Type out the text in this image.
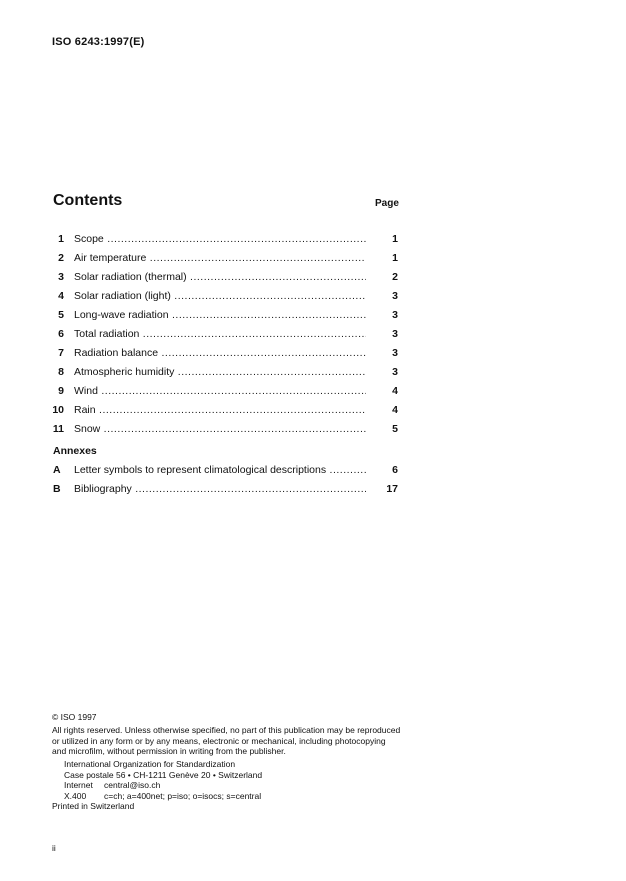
ISO 6243:1997(E)
Contents	Page
1 Scope .....	1
2 Air temperature .....	1
3 Solar radiation (thermal) .....	2
4 Solar radiation (light) .....	3
5 Long-wave radiation .....	3
6 Total radiation .....	3
7 Radiation balance .....	3
8 Atmospheric humidity .....	3
9 Wind .....	4
10 Rain .....	4
11 Snow .....	5
Annexes
A Letter symbols to represent climatological descriptions .....	6
B Bibliography .....	17
© ISO 1997
All rights reserved. Unless otherwise specified, no part of this publication may be reproduced or utilized in any form or by any means, electronic or mechanical, including photocopying and microfilm, without permission in writing from the publisher.
International Organization for Standardization
Case postale 56 • CH-1211 Genève 20 • Switzerland
Internet central@iso.ch
X.400 c=ch; a=400net; p=iso; o=isocs; s=central
Printed in Switzerland
ii
